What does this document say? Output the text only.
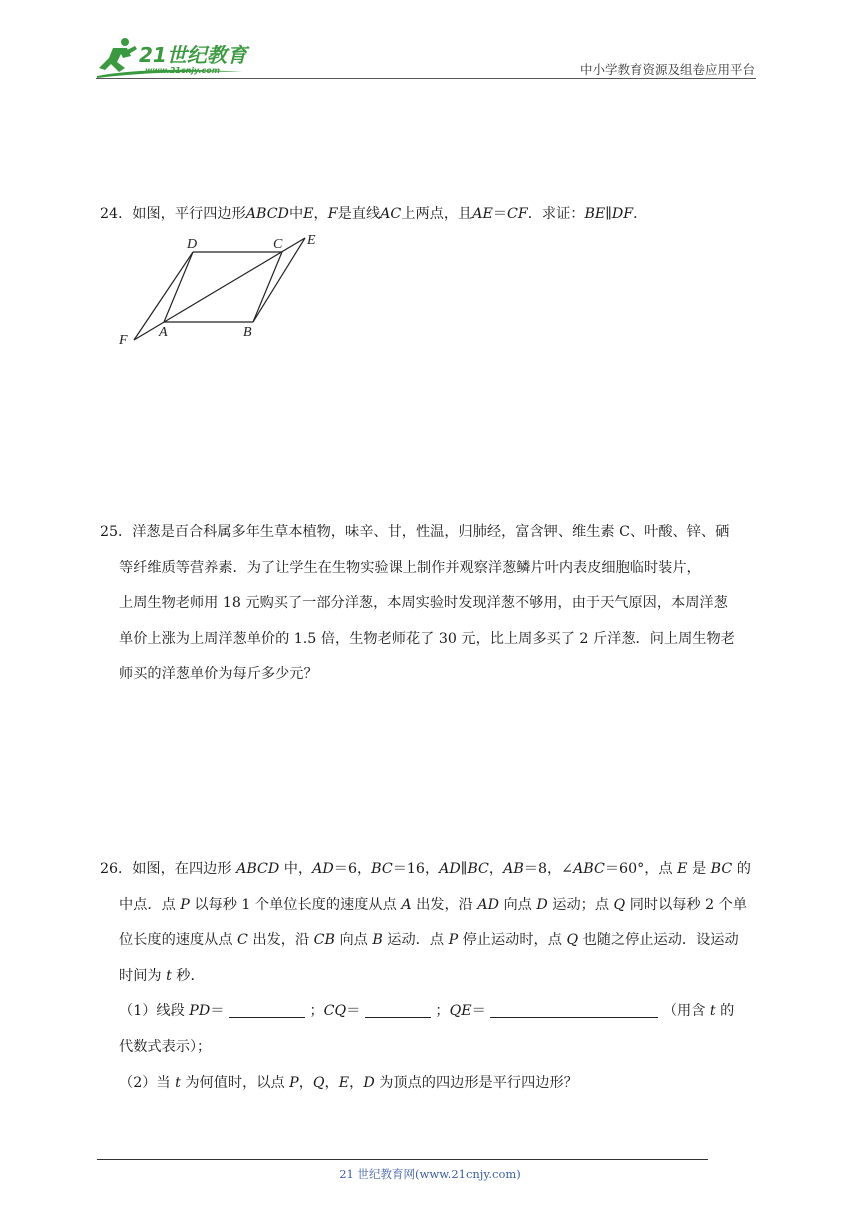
21世纪教育
www.21cnjy.com	中小学教育资源及组卷应用平台

24．如图，平行四边形ABCD中E，F是直线AC上两点，且AE＝CF．求证：BE∥DF．

D	C E
F
A	B

25．洋葱是百合科属多年生草本植物，味辛、甘，性温，归肺经，富含钾、维生素 C、叶酸、锌、硒

等纤维质等营养素．为了让学生在生物实验课上制作并观察洋葱鳞片叶内表皮细胞临时装片，

上周生物老师用 18 元购买了一部分洋葱，本周实验时发现洋葱不够用，由于天气原因，本周洋葱

单价上涨为上周洋葱单价的 1.5 倍，生物老师花了 30 元，比上周多买了 2 斤洋葱．问上周生物老

师买的洋葱单价为每斤多少元？

26．如图，在四边形 ABCD 中，AD＝6，BC＝16，AD∥BC，AB＝8，∠ABC＝60°，点 E 是 BC 的

中点．点 P 以每秒 1 个单位长度的速度从点 A 出发，沿 AD 向点 D 运动；点 Q 同时以每秒 2 个单

位长度的速度从点 C 出发，沿 CB 向点 B 运动．点 P 停止运动时，点 Q 也随之停止运动．设运动

时间为 t 秒．

（1）线段 PD＝	；CQ＝	；QE＝	（用含 t 的

代数式表示）；

（2）当 t 为何值时，以点 P，Q，E，D 为顶点的四边形是平行四边形？

21 世纪教育网(www.21cnjy.com)
